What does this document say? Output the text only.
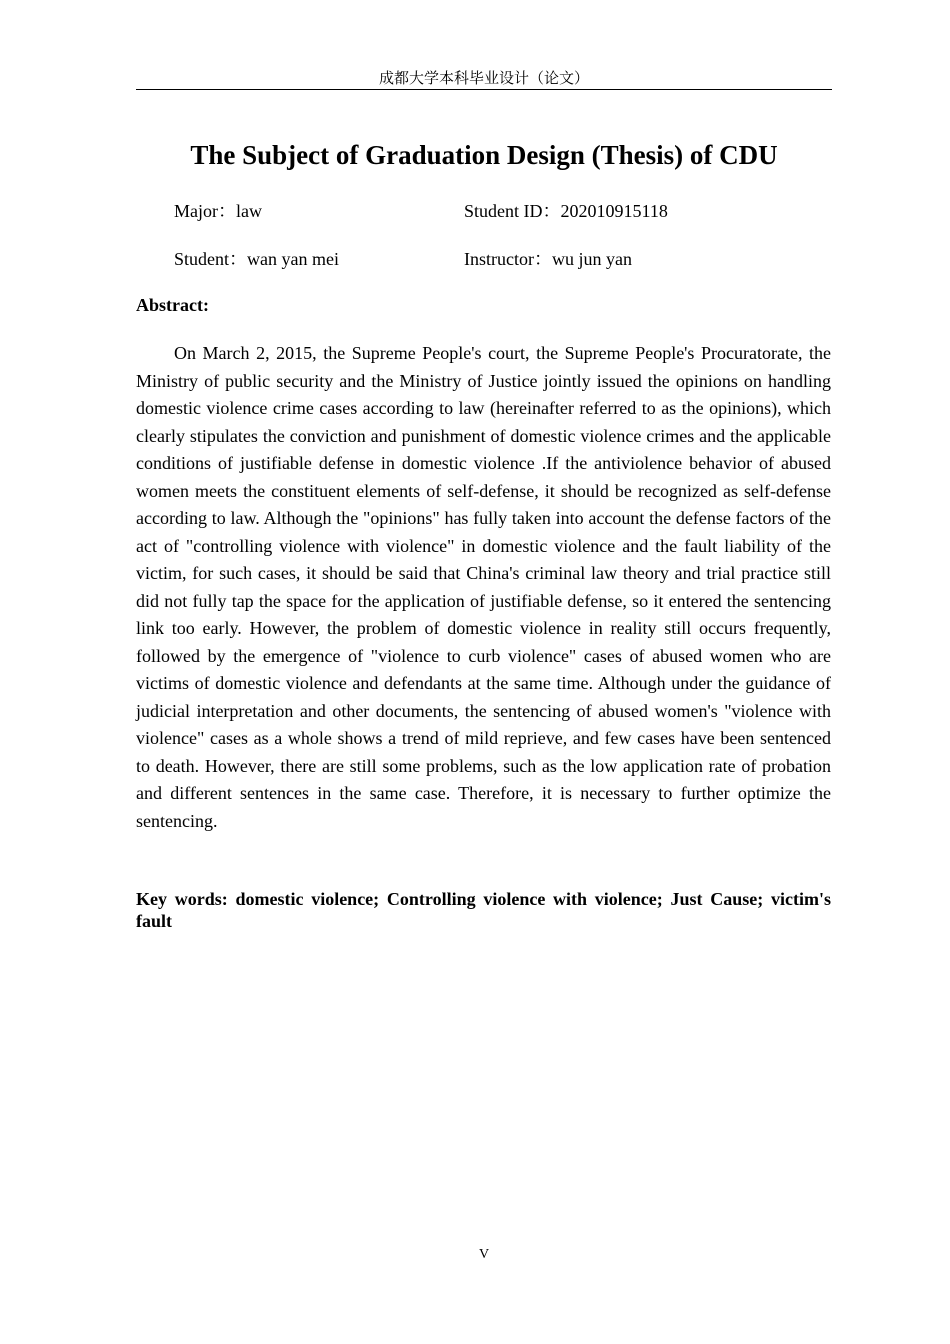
成都大学本科毕业设计（论文）
The Subject of Graduation Design (Thesis) of CDU
Major：law	Student ID：202010915118
Student：wan yan mei	Instructor：wu jun yan
Abstract:

On March 2, 2015, the Supreme People's court, the Supreme People's Procuratorate, the Ministry of public security and the Ministry of Justice jointly issued the opinions on handling domestic violence crime cases according to law (hereinafter referred to as the opinions), which clearly stipulates the conviction and punishment of domestic violence crimes and the applicable conditions of justifiable defense in domestic violence .If the antiviolence behavior of abused women meets the constituent elements of self-defense, it should be recognized as self-defense according to law. Although the "opinions" has fully taken into account the defense factors of the act of "controlling violence with violence" in domestic violence and the fault liability of the victim, for such cases, it should be said that China's criminal law theory and trial practice still did not fully tap the space for the application of justifiable defense, so it entered the sentencing link too early. However, the problem of domestic violence in reality still occurs frequently, followed by the emergence of "violence to curb violence" cases of abused women who are victims of domestic violence and defendants at the same time. Although under the guidance of judicial interpretation and other documents, the sentencing of abused women's "violence with violence" cases as a whole shows a trend of mild reprieve, and few cases have been sentenced to death. However, there are still some problems, such as the low application rate of probation and different sentences in the same case. Therefore, it is necessary to further optimize the sentencing.

Key words: domestic violence; Controlling violence with violence; Just Cause; victim's fault

V
